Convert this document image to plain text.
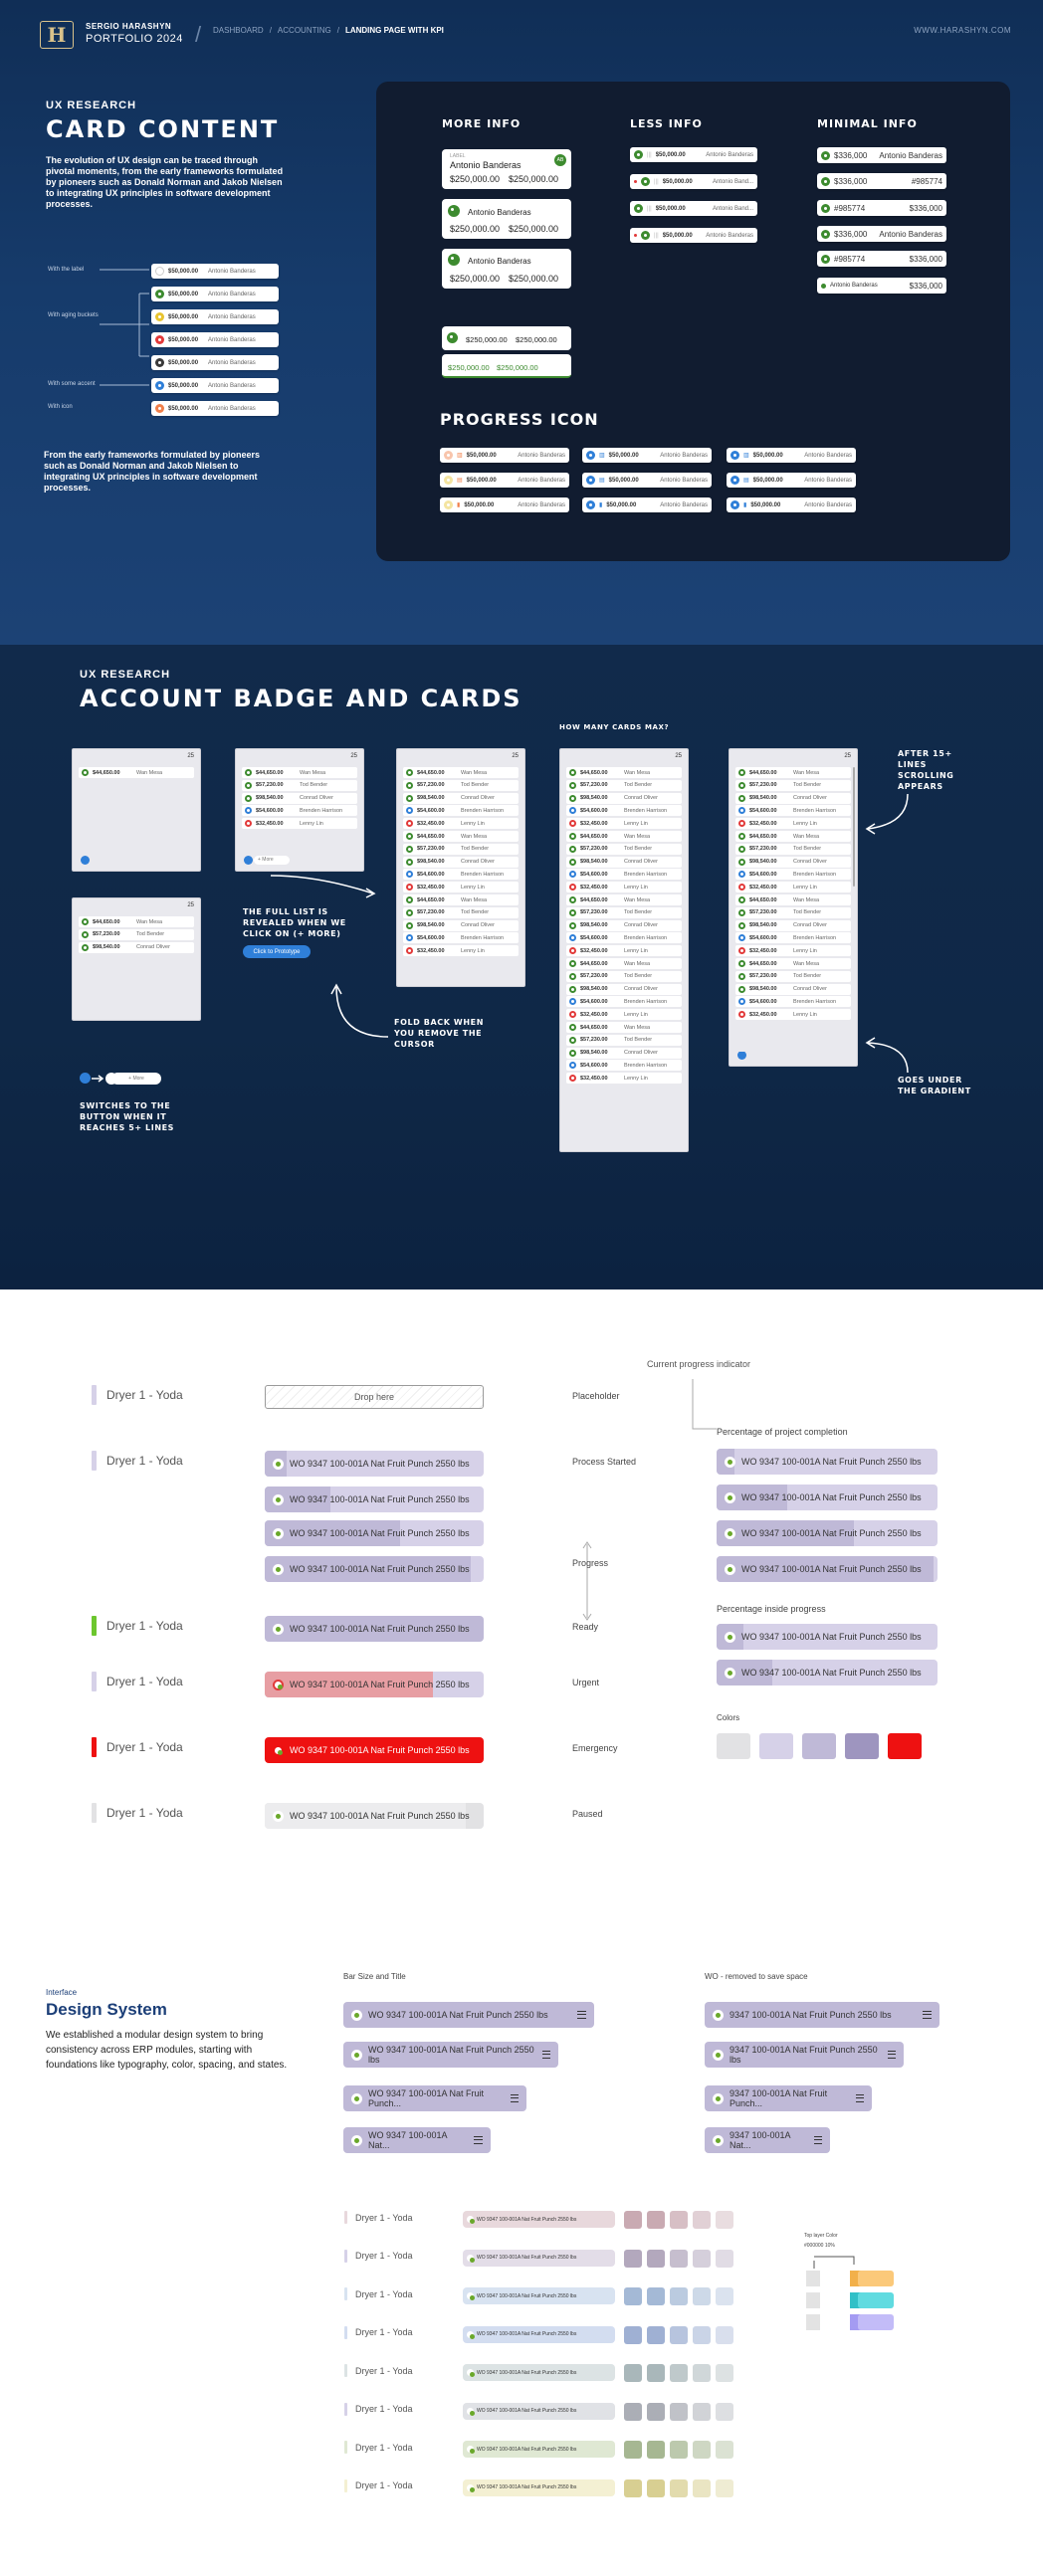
H	SERGIO HARASHYN
PORTFOLIO 2024 / DASHBOARD / ACCOUNTING / LANDING PAGE WITH KPI	WWW.HARASHYN.COM
UX RESEARCH
CARD CONTENT
The evolution of UX design can be traced through pivotal moments, from the early frameworks formulated by pioneers such as Donald Norman and Jakob Nielsen to integrating UX principles in software development processes.
With the label	$50,000.00 Antonio Banderas
$50,000.00 Antonio Banderas
With aging buckets	$50,000.00 Antonio Banderas
$50,000.00 Antonio Banderas
$50,000.00 Antonio Banderas
With some accent	$50,000.00 Antonio Banderas
With icon	$50,000.00 Antonio Banderas
From the early frameworks formulated by pioneers such as Donald Norman and Jakob Nielsen to integrating UX principles in software development processes.
MORE INFO	LESS INFO	MINIMAL INFO
LABEL
Antonio Banderas
$250,000.00 $250,000.00
AB
Antonio Banderas
$250,000.00 $250,000.00
Antonio Banderas
$250,000.00 $250,000.00
$250,000.00 $250,000.00
$250,000.00 $250,000.00
PROGRESS ICON
||| $50,000.00	Antonio Banderas
||| $50,000.00	Antonio Band...
||| $50,000.00	Antonio Band...
||| $50,000.00 Antonio Banderas
$336,000 Antonio Banderas
$336,000	#985774
#985774	$336,000
$336,000 Antonio Banderas
#985774	$336,000
Antonio Banderas	$336,000
▥ $50,000.00	Antonio Banderas	▥ $50,000.00	Antonio Banderas	▥ $50,000.00	Antonio Banderas
▤ $50,000.00	Antonio Banderas	▤ $50,000.00	Antonio Banderas	▤ $50,000.00	Antonio Banderas
▮ $50,000.00	Antonio Banderas	▮ $50,000.00	Antonio Banderas	▮ $50,000.00	Antonio Banderas
UX RESEARCH
ACCOUNT BADGE AND CARDS
HOW MANY CARDS MAX?
25
$44,650.00	Wan Mesa
25
$44,650.00	Wan Mesa
$57,230.00	Tod Bender
$98,540.00	Conrad Oliver
25
$44,650.00	Wan Mesa
$57,230.00	Tod Bender
$98,540.00	Conrad Oliver
$54,600.00	Brenden Harrison
$32,450.00	Lenny Lin
+ More
25
$44,650.00	Wan Mesa
$57,230.00	Tod Bender
$98,540.00	Conrad Oliver
$54,600.00	Brenden Harrison
$32,450.00	Lenny Lin
$44,650.00	Wan Mesa
$57,230.00	Tod Bender
$98,540.00	Conrad Oliver
$54,600.00	Brenden Harrison
$32,450.00	Lenny Lin
$44,650.00	Wan Mesa
$57,230.00	Tod Bender
$98,540.00	Conrad Oliver
$54,600.00	Brenden Harrison
$32,450.00	Lenny Lin
25
$44,650.00	Wan Mesa
$57,230.00	Tod Bender
$98,540.00	Conrad Oliver
$54,600.00	Brenden Harrison
$32,450.00	Lenny Lin
$44,650.00	Wan Mesa
$57,230.00	Tod Bender
$98,540.00	Conrad Oliver
$54,600.00	Brenden Harrison
$32,450.00	Lenny Lin
$44,650.00	Wan Mesa
$57,230.00	Tod Bender
$98,540.00	Conrad Oliver
$54,600.00	Brenden Harrison
$32,450.00	Lenny Lin
$44,650.00	Wan Mesa
$57,230.00	Tod Bender
$98,540.00	Conrad Oliver
$54,600.00	Brenden Harrison
$32,450.00	Lenny Lin
$44,650.00	Wan Mesa
$57,230.00	Tod Bender
$98,540.00	Conrad Oliver
$54,600.00	Brenden Harrison
$32,450.00	Lenny Lin
25
$44,650.00	Wan Mesa
$57,230.00	Tod Bender
$98,540.00	Conrad Oliver
$54,600.00	Brenden Harrison
$32,450.00	Lenny Lin
$44,650.00	Wan Mesa
$57,230.00	Tod Bender
$98,540.00	Conrad Oliver
$54,600.00	Brenden Harrison
$32,450.00	Lenny Lin
$44,650.00	Wan Mesa
$57,230.00	Tod Bender
$98,540.00	Conrad Oliver
$54,600.00	Brenden Harrison
$32,450.00	Lenny Lin
$44,650.00	Wan Mesa
$57,230.00	Tod Bender
$98,540.00	Conrad Oliver
$54,600.00	Brenden Harrison
$32,450.00	Lenny Lin
THE FULL LIST IS REVEALED WHEN WE CLICK ON (+ MORE)
Click to Prototype
FOLD BACK WHEN YOU REMOVE THE CURSOR
AFTER 15+ LINES SCROLLING APPEARS
GOES UNDER THE GRADIENT
SWITCHES TO THE BUTTON WHEN IT REACHES 5+ LINES
+ More
Current progress indicator
Dryer 1 - Yoda	Drop here	Placeholder
Dryer 1 - Yoda	Process Started
Progress
Dryer 1 - Yoda	Ready
Dryer 1 - Yoda	Urgent
Dryer 1 - Yoda	Emergency
Dryer 1 - Yoda	Paused
Percentage of project completion
Percentage inside progress
Colors
Interface
Design System
We established a modular design system to bring consistency across ERP modules, starting with foundations like typography, color, spacing, and states.
Bar Size and Title	WO - removed to save space
Top layer Color
#000000 10%
WO 9347 100-001A Nat Fruit Punch 2550 lbs
WO 9347 100-001A Nat Fruit Punch 2550 lbs
WO 9347 100-001A Nat Fruit Punch 2550 lbs
WO 9347 100-001A Nat Fruit Punch 2550 lbs
WO 9347 100-001A Nat Fruit Punch 2550 lbs
WO 9347 100-001A Nat Fruit Punch 2550 lbs
WO 9347 100-001A Nat Fruit Punch 2550 lbs
WO 9347 100-001A Nat Fruit Punch 2550 lbs
WO 9347 100-001A Nat Fruit Punch 2550 lbs
WO 9347 100-001A Nat Fruit Punch 2550 lbs
WO 9347 100-001A Nat Fruit Punch 2550 lbs
WO 9347 100-001A Nat Fruit Punch 2550 lbs
WO 9347 100-001A Nat Fruit Punch 2550 lbs
WO 9347 100-001A Nat Fruit Punch 2550 lbs
WO 9347 100-001A Nat Fruit Punch 2550 lbs
WO 9347 100-001A Nat Fruit Punch 2550 lbs
WO 9347 100-001A Nat Fruit Punch...
WO 9347 100-001A Nat...
9347 100-001A Nat Fruit Punch 2550 lbs
9347 100-001A Nat Fruit Punch 2550 lbs
9347 100-001A Nat Fruit Punch...
9347 100-001A Nat...
Dryer 1 - Yoda	WO 9347 100-001A Nat Fruit Punch 2550 lbs
Dryer 1 - Yoda	WO 9347 100-001A Nat Fruit Punch 2550 lbs
Dryer 1 - Yoda	WO 9347 100-001A Nat Fruit Punch 2550 lbs
Dryer 1 - Yoda	WO 9347 100-001A Nat Fruit Punch 2550 lbs
Dryer 1 - Yoda	WO 9347 100-001A Nat Fruit Punch 2550 lbs
Dryer 1 - Yoda	WO 9347 100-001A Nat Fruit Punch 2550 lbs
Dryer 1 - Yoda	WO 9347 100-001A Nat Fruit Punch 2550 lbs
Dryer 1 - Yoda	WO 9347 100-001A Nat Fruit Punch 2550 lbs
